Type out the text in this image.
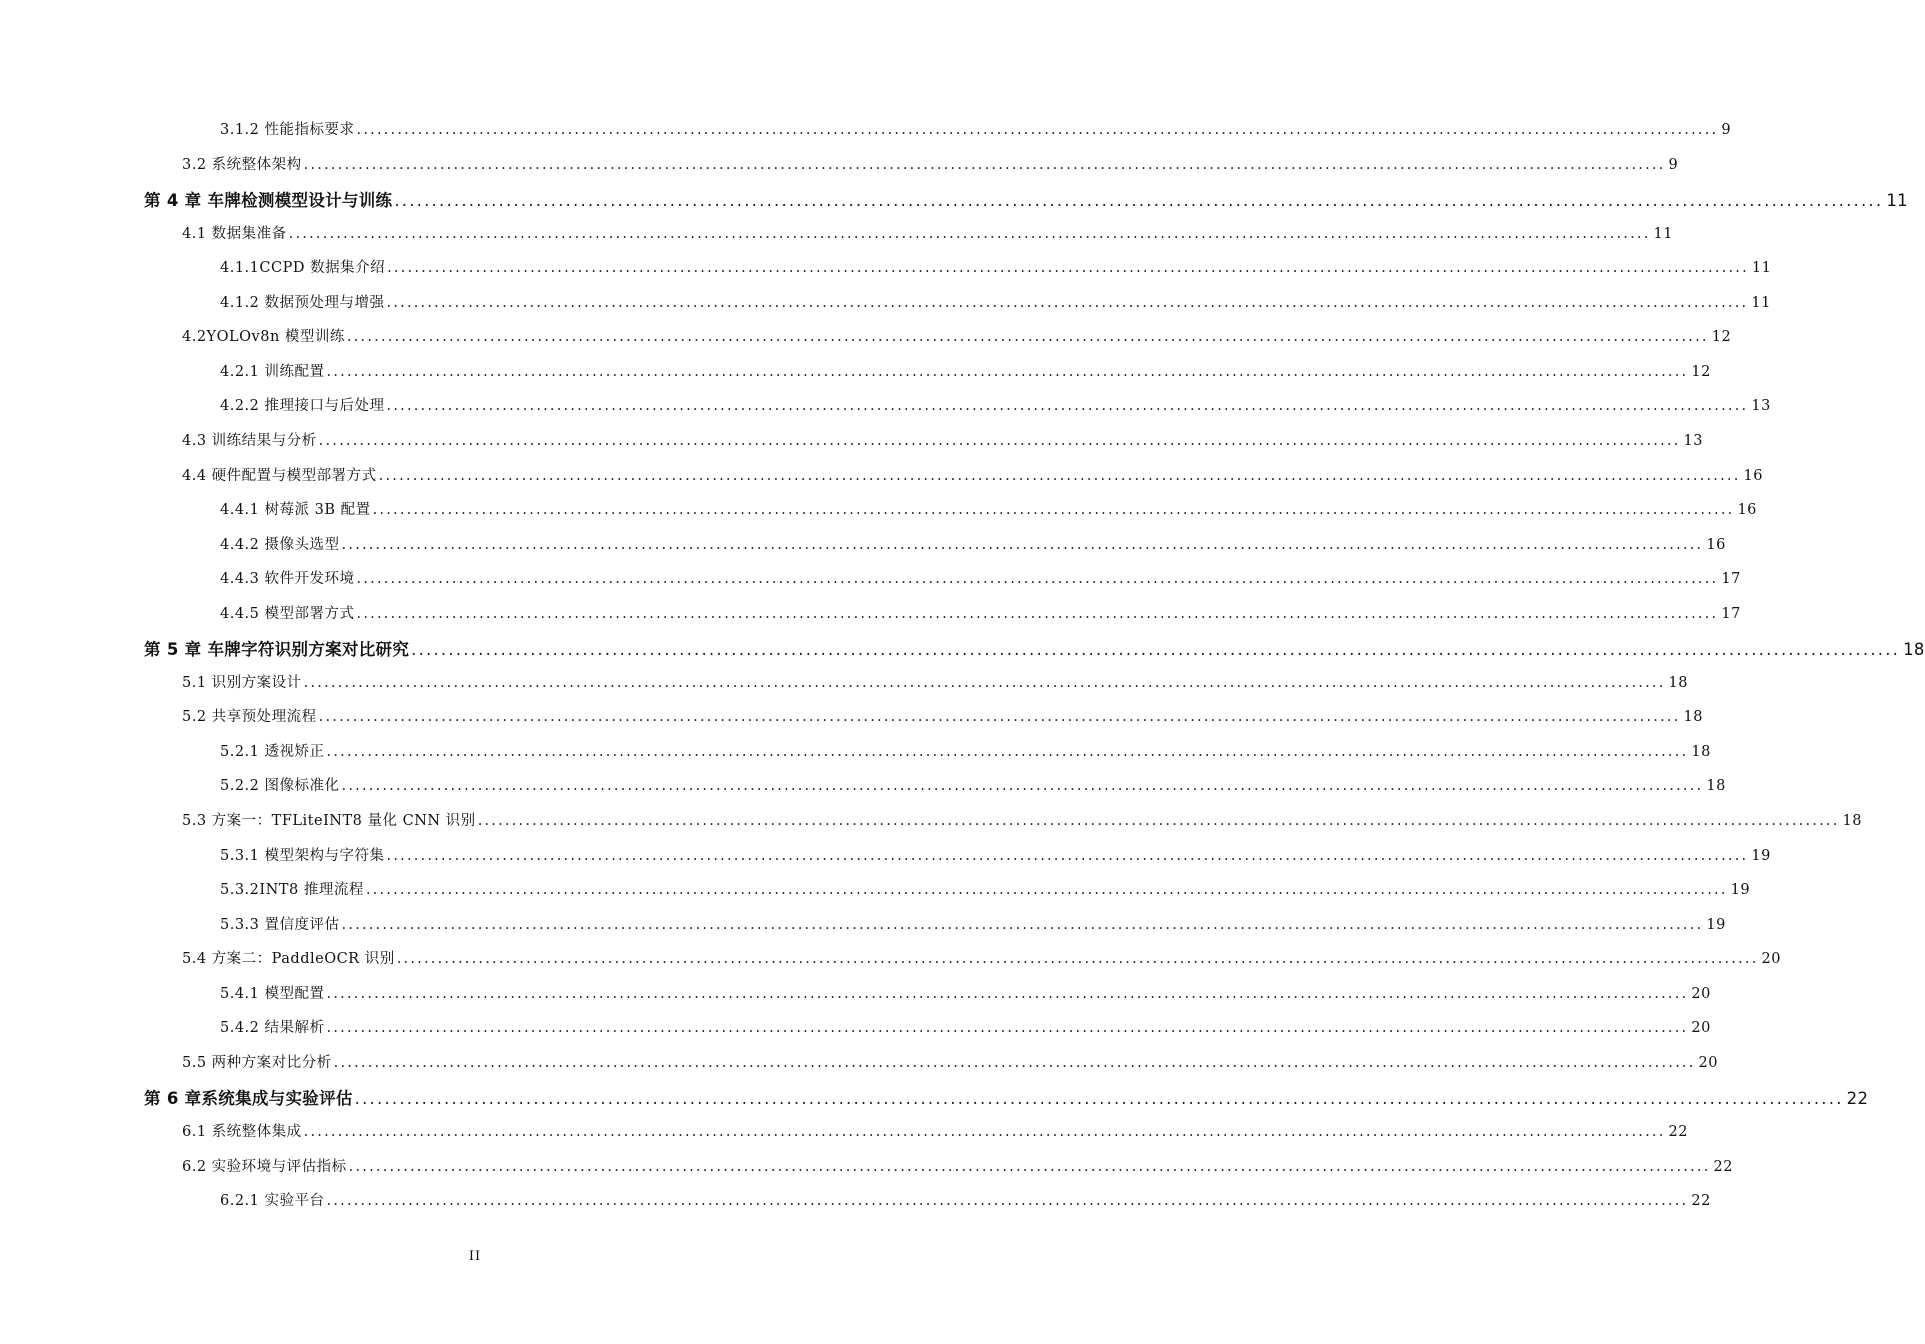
3.1.2 性能指标要求 ........................................................................................................................................................................................................ 9
3.2 系统整体架构 ........................................................................................................................................................................................................ 9
第 4 章 车牌检测模型设计与训练 ........................................................................................................................................................................................................ 11
4.1 数据集准备 ........................................................................................................................................................................................................ 11
4.1.1CCPD 数据集介绍 ........................................................................................................................................................................................................ 11
4.1.2 数据预处理与增强 ........................................................................................................................................................................................................ 11
4.2YOLOv8n 模型训练 ........................................................................................................................................................................................................ 12
4.2.1 训练配置 ........................................................................................................................................................................................................ 12
4.2.2 推理接口与后处理 ........................................................................................................................................................................................................ 13
4.3 训练结果与分析 ........................................................................................................................................................................................................ 13
4.4 硬件配置与模型部署方式 ........................................................................................................................................................................................................ 16
4.4.1 树莓派 3B 配置 ........................................................................................................................................................................................................ 16
4.4.2 摄像头选型 ........................................................................................................................................................................................................ 16
4.4.3 软件开发环境 ........................................................................................................................................................................................................ 17
4.4.5 模型部署方式 ........................................................................................................................................................................................................ 17
第 5 章 车牌字符识别方案对比研究 ........................................................................................................................................................................................................ 18
5.1 识别方案设计 ........................................................................................................................................................................................................ 18
5.2 共享预处理流程 ........................................................................................................................................................................................................ 18
5.2.1 透视矫正 ........................................................................................................................................................................................................ 18
5.2.2 图像标准化 ........................................................................................................................................................................................................ 18
5.3 方案一：TFLiteINT8 量化 CNN 识别 ........................................................................................................................................................................................................ 18
5.3.1 模型架构与字符集 ........................................................................................................................................................................................................ 19
5.3.2INT8 推理流程 ........................................................................................................................................................................................................ 19
5.3.3 置信度评估 ........................................................................................................................................................................................................ 19
5.4 方案二：PaddleOCR 识别 ........................................................................................................................................................................................................ 20
5.4.1 模型配置 ........................................................................................................................................................................................................ 20
5.4.2 结果解析 ........................................................................................................................................................................................................ 20
5.5 两种方案对比分析 ........................................................................................................................................................................................................ 20
第 6 章系统集成与实验评估 ........................................................................................................................................................................................................ 22
6.1 系统整体集成 ........................................................................................................................................................................................................ 22
6.2 实验环境与评估指标 ........................................................................................................................................................................................................ 22
6.2.1 实验平台 ........................................................................................................................................................................................................ 22
II
